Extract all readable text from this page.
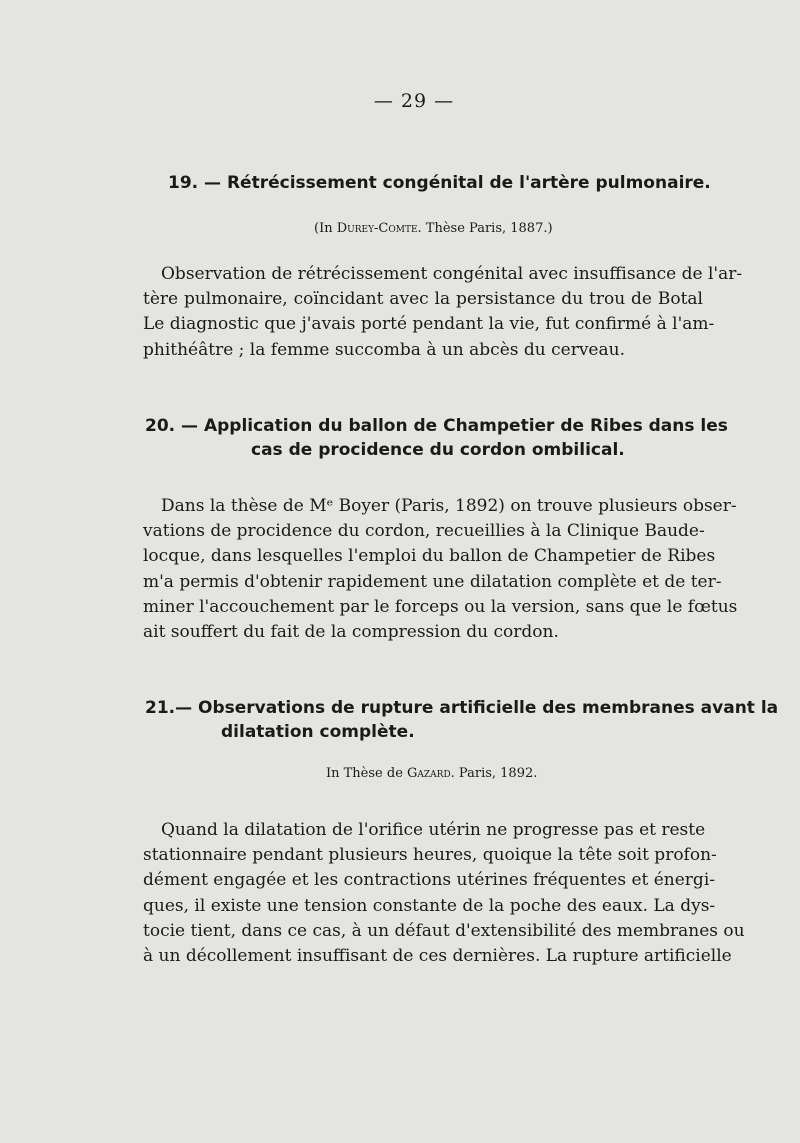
— 29 —
19. — Rétrécissement congénital de l'artère pulmonaire.
(In Durey-Comte. Thèse Paris, 1887.)
Observation de rétrécissement congénital avec insuffisance de l'ar-
tère pulmonaire, coïncidant avec la persistance du trou de Botal
Le diagnostic que j'avais porté pendant la vie, fut confirmé à l'am-
phithéâtre ; la femme succomba à un abcès du cerveau.
20. — Application du ballon de Champetier de Ribes dans les
cas de procidence du cordon ombilical.
Dans la thèse de Mᵉ Boyer (Paris, 1892) on trouve plusieurs obser-
vations de procidence du cordon, recueillies à la Clinique Baude-
locque, dans lesquelles l'emploi du ballon de Champetier de Ribes
m'a permis d'obtenir rapidement une dilatation complète et de ter-
miner l'accouchement par le forceps ou la version, sans que le fœtus
ait souffert du fait de la compression du cordon.
21.— Observations de rupture artificielle des membranes avant la
dilatation complète.
In Thèse de Gazard. Paris, 1892.
Quand la dilatation de l'orifice utérin ne progresse pas et reste
stationnaire pendant plusieurs heures, quoique la tête soit profon-
dément engagée et les contractions utérines fréquentes et énergi-
ques, il existe une tension constante de la poche des eaux. La dys-
tocie tient, dans ce cas, à un défaut d'extensibilité des membranes ou
à un décollement insuffisant de ces dernières. La rupture artificielle
